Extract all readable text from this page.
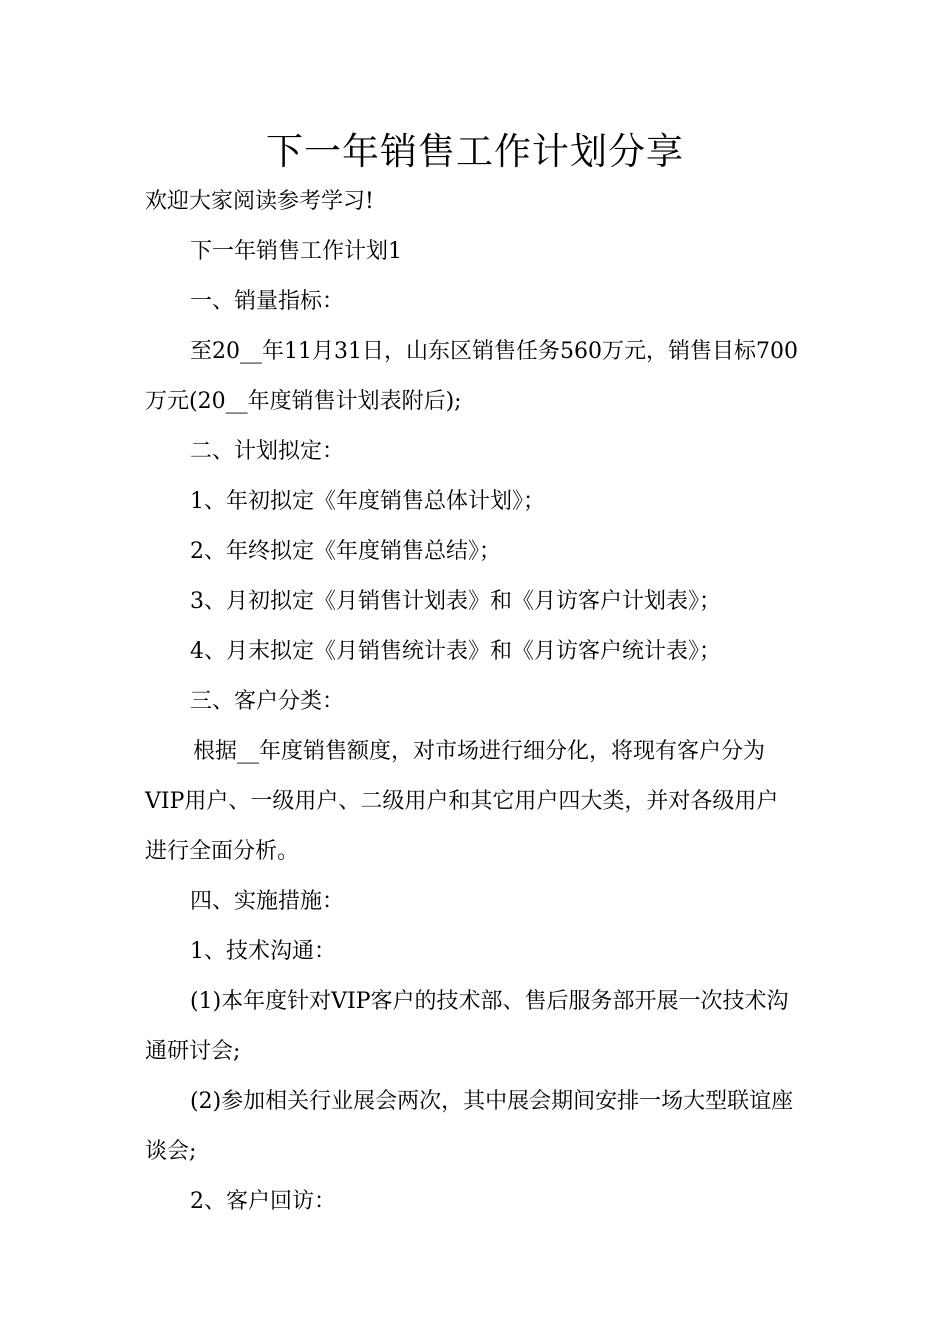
下一年销售工作计划分享
欢迎大家阅读参考学习!
下一年销售工作计划1
一、销量指标：
至20__年11月31日，山东区销售任务560万元，销售目标700
万元(20__年度销售计划表附后);
二、计划拟定：
1、年初拟定《年度销售总体计划》；
2、年终拟定《年度销售总结》；
3、月初拟定《月销售计划表》和《月访客户计划表》；
4、月末拟定《月销售统计表》和《月访客户统计表》；
三、客户分类：
根据__年度销售额度，对市场进行细分化，将现有客户分为
VIP用户、一级用户、二级用户和其它用户四大类，并对各级用户
进行全面分析。
四、实施措施：
1、技术沟通：
(1)本年度针对VIP客户的技术部、售后服务部开展一次技术沟
通研讨会;
(2)参加相关行业展会两次，其中展会期间安排一场大型联谊座
谈会;
2、客户回访：
